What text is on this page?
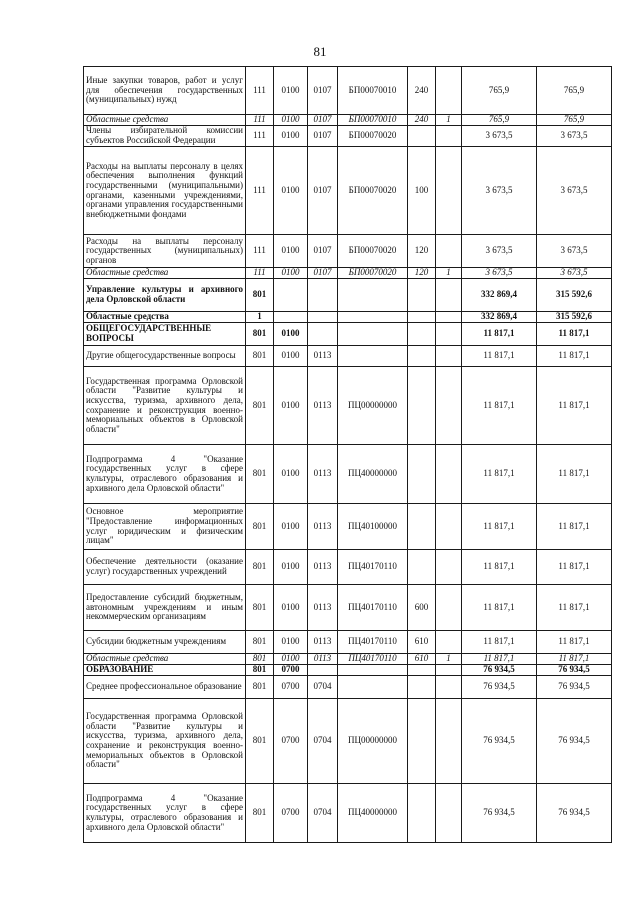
81
Иные закупки товаров, работ и услуг для обеспечения государственных (муниципальных) нужд	111	0100	0107	БП00070010	240		765,9	765,9
Областные средства	111	0100	0107	БП00070010	240	1	765,9	765,9
Члены избирательной комиссии субъектов Российской Федерации	111	0100	0107	БП00070020			3 673,5	3 673,5
Расходы на выплаты персоналу в целях обеспечения выполнения функций государственными (муниципальными) органами, казенными учреждениями, органами управления государственными внебюджетными фондами	111	0100	0107	БП00070020	100		3 673,5	3 673,5
Расходы на выплаты персоналу государственных (муниципальных) органов	111	0100	0107	БП00070020	120		3 673,5	3 673,5
Областные средства	111	0100	0107	БП00070020	120	1	3 673,5	3 673,5
Управление культуры и архивного дела Орловской области	801						332 869,4	315 592,6
Областные средства	1						332 869,4	315 592,6
ОБЩЕГОСУДАРСТВЕННЫЕ ВОПРОСЫ	801	0100					11 817,1	11 817,1
Другие общегосударственные вопросы	801	0100	0113				11 817,1	11 817,1
Государственная программа Орловской области "Развитие культуры и искусства, туризма, архивного дела, сохранение и реконструкция военно-мемориальных объектов в Орловской области"	801	0100	0113	ПЦ00000000			11 817,1	11 817,1
Подпрограмма 4 "Оказание государственных услуг в сфере культуры, отраслевого образования и архивного дела Орловской области"	801	0100	0113	ПЦ40000000			11 817,1	11 817,1
Основное мероприятие "Предоставление информационных услуг юридическим и физическим лицам"	801	0100	0113	ПЦ40100000			11 817,1	11 817,1
Обеспечение деятельности (оказание услуг) государственных учреждений	801	0100	0113	ПЦ40170110			11 817,1	11 817,1
Предоставление субсидий бюджетным, автономным учреждениям и иным некоммерческим организациям	801	0100	0113	ПЦ40170110	600		11 817,1	11 817,1
Субсидии бюджетным учреждениям	801	0100	0113	ПЦ40170110	610		11 817,1	11 817,1
Областные средства	801	0100	0113	ПЦ40170110	610	1	11 817,1	11 817,1
ОБРАЗОВАНИЕ	801	0700					76 934,5	76 934,5
Среднее профессиональное образование	801	0700	0704				76 934,5	76 934,5
Государственная программа Орловской области "Развитие культуры и искусства, туризма, архивного дела, сохранение и реконструкция военно-мемориальных объектов в Орловской области"	801	0700	0704	ПЦ00000000			76 934,5	76 934,5
Подпрограмма 4 "Оказание государственных услуг в сфере культуры, отраслевого образования и архивного дела Орловской области"	801	0700	0704	ПЦ40000000			76 934,5	76 934,5
